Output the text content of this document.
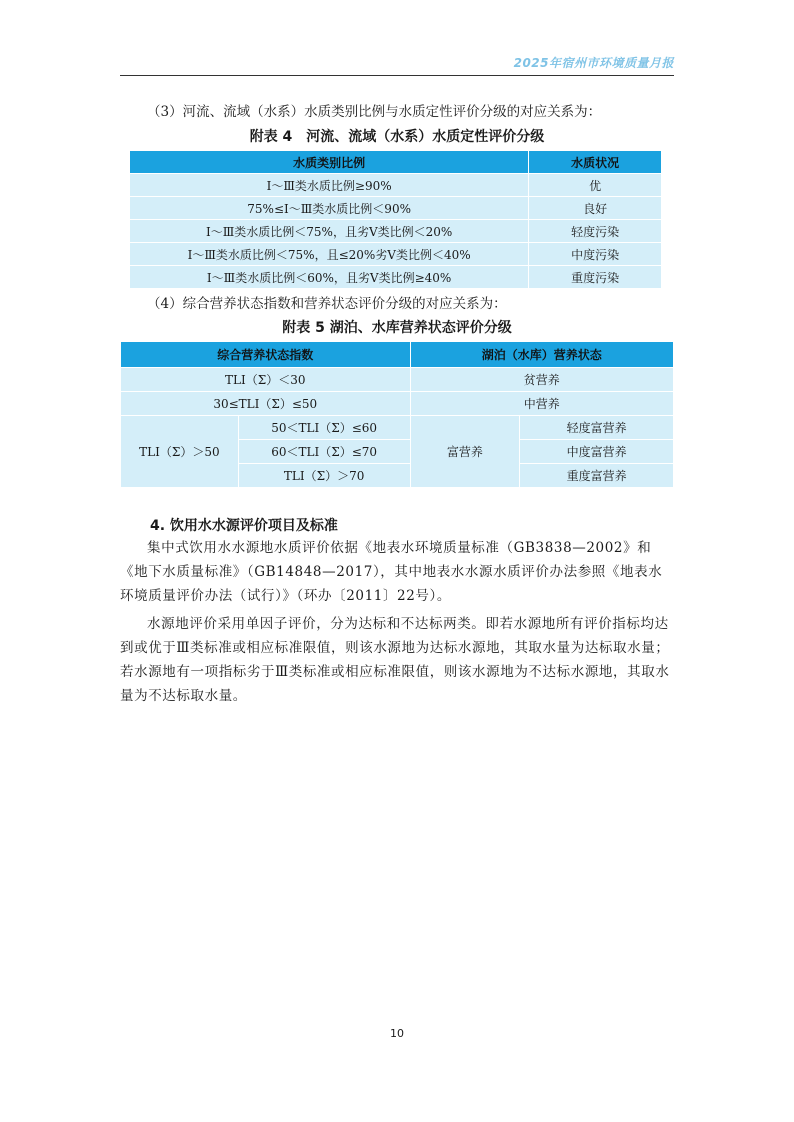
2025年宿州市环境质量月报
（3）河流、流域（水系）水质类别比例与水质定性评价分级的对应关系为：
附表 4　河流、流域（水系）水质定性评价分级
水质类别比例	水质状况
Ⅰ～Ⅲ类水质比例≥90%	优
75%≤Ⅰ～Ⅲ类水质比例＜90%	良好
Ⅰ～Ⅲ类水质比例＜75%，且劣Ⅴ类比例＜20%	轻度污染
Ⅰ～Ⅲ类水质比例＜75%，且≤20%劣Ⅴ类比例＜40%	中度污染
Ⅰ～Ⅲ类水质比例＜60%，且劣Ⅴ类比例≥40%	重度污染
（4）综合营养状态指数和营养状态评价分级的对应关系为：
附表 5 湖泊、水库营养状态评价分级
综合营养状态指数		湖泊（水库）营养状态	
TLI（Σ）＜30		贫营养	
30≤TLI（Σ）≤50		中营养	
TLI（Σ）＞50	50＜TLI（Σ）≤60	富营养	轻度富营养
	60＜TLI（Σ）≤70		中度富营养
	TLI（Σ）＞70		重度富营养
4. 饮用水水源评价项目及标准
集中式饮用水水源地水质评价依据《地表水环境质量标准（GB3838—2002》和《地下水质量标准》（GB14848—2017），其中地表水水源水质评价办法参照《地表水环境质量评价办法（试行）》（环办〔2011〕22号）。
水源地评价采用单因子评价，分为达标和不达标两类。即若水源地所有评价指标均达到或优于Ⅲ类标准或相应标准限值，则该水源地为达标水源地，其取水量为达标取水量；若水源地有一项指标劣于Ⅲ类标准或相应标准限值，则该水源地为不达标水源地，其取水量为不达标取水量。
10
